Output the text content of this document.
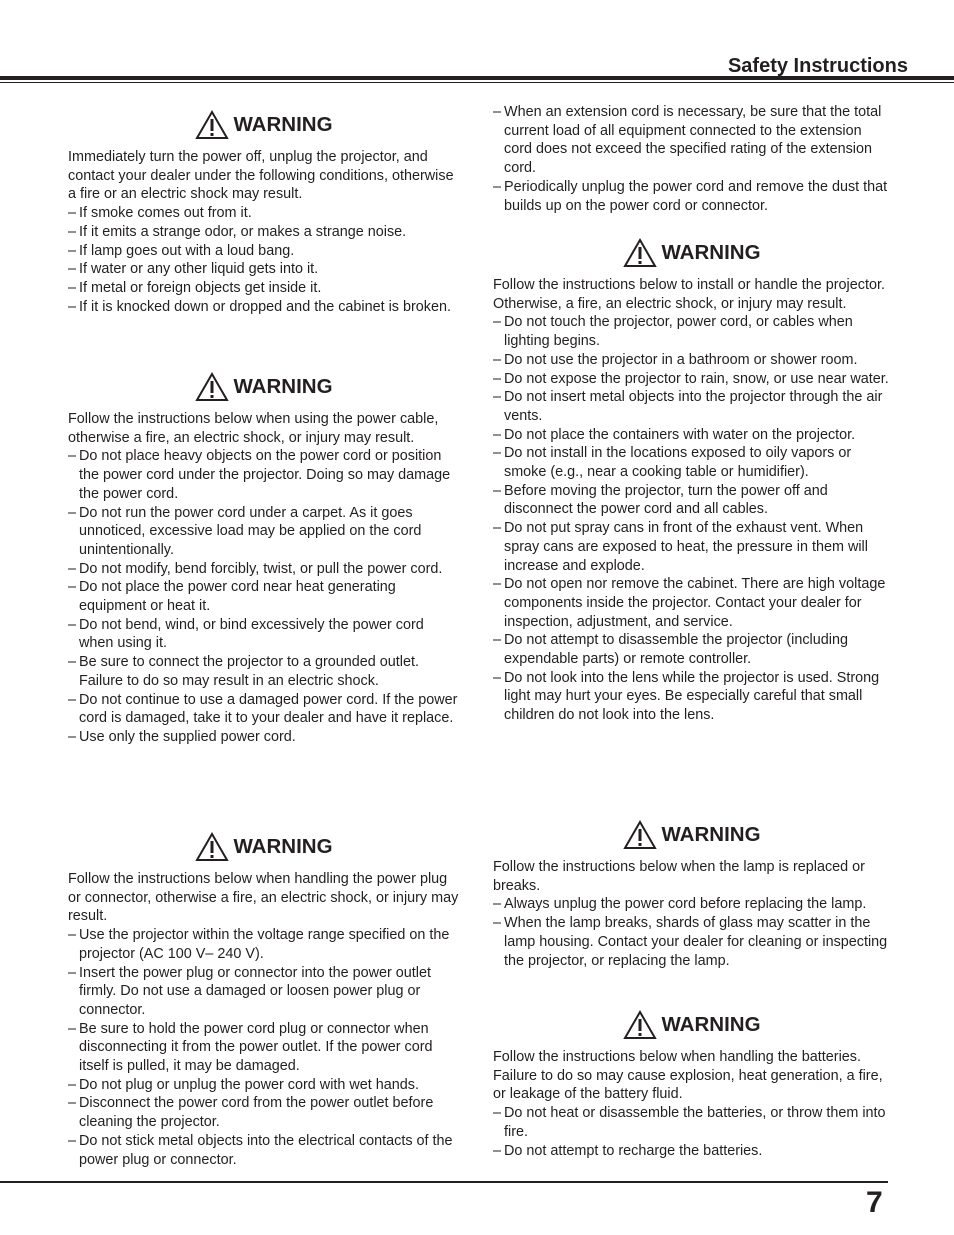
Safety Instructions
WARNING

Immediately turn the power off, unplug the projector, and contact your dealer under the following conditions, otherwise a fire or an electric shock may result.

– If smoke comes out from it.
– If it emits a strange odor, or makes a strange noise.
– If lamp goes out with a loud bang.
– If water or any other liquid gets into it.
– If metal or foreign objects get inside it.
– If it is knocked down or dropped and the cabinet is broken.
WARNING

Follow the instructions below when using the power cable, otherwise a fire, an electric shock, or injury may result.

– Do not place heavy objects on the power cord or position the power cord under the projector. Doing so may damage the power cord.
– Do not run the power cord under a carpet. As it goes unnoticed, excessive load may be applied on the cord unintentionally.
– Do not modify, bend forcibly, twist, or pull the power cord.
– Do not place the power cord near heat generating equipment or heat it.
– Do not bend, wind, or bind excessively the power cord when using it.
– Be sure to connect the projector to a grounded outlet. Failure to do so may result in an electric shock.
– Do not continue to use a damaged power cord. If the power cord is damaged, take it to your dealer and have it replace.
– Use only the supplied power cord.
WARNING

Follow the instructions below when handling the power plug or connector, otherwise a fire, an electric shock, or injury may result.

– Use the projector within the voltage range specified on the projector (AC 100 V– 240 V).
– Insert the power plug or connector into the power outlet firmly. Do not use a damaged or loosen power plug or connector.
– Be sure to hold the power cord plug or connector when disconnecting it from the power outlet. If the power cord itself is pulled, it may be damaged.
– Do not plug or unplug the power cord with wet hands.
– Disconnect the power cord from the power outlet before cleaning the projector.
– Do not stick metal objects into the electrical contacts of the power plug or connector.
– When an extension cord is necessary, be sure that the total current load of all equipment connected to the extension cord does not exceed the specified rating of the extension cord.
– Periodically unplug the power cord and remove the dust that builds up on the power cord or connector.
WARNING

Follow the instructions below to install or handle the projector. Otherwise, a fire, an electric shock, or injury may result.

– Do not touch the projector, power cord, or cables when lighting begins.
– Do not use the projector in a bathroom or shower room.
– Do not expose the projector to rain, snow, or use near water.
– Do not insert metal objects into the projector through the air vents.
– Do not place the containers with water on the projector.
– Do not install in the locations exposed to oily vapors or smoke (e.g., near a cooking table or humidifier).
– Before moving the projector, turn the power off and disconnect the power cord and all cables.
– Do not put spray cans in front of the exhaust vent. When spray cans are exposed to heat, the pressure in them will increase and explode.
– Do not open nor remove the cabinet. There are high voltage components inside the projector. Contact your dealer for inspection, adjustment, and service.
– Do not attempt to disassemble the projector (including expendable parts) or remote controller.
– Do not look into the lens while the projector is used. Strong light may hurt your eyes. Be especially careful that small children do not look into the lens.
WARNING

Follow the instructions below when the lamp is replaced or breaks.

– Always unplug the power cord before replacing the lamp.
– When the lamp breaks, shards of glass may scatter in the lamp housing. Contact your dealer for cleaning or inspecting the projector, or replacing the lamp.
WARNING

Follow the instructions below when handling the batteries. Failure to do so may cause explosion, heat generation, a fire, or leakage of the battery fluid.

– Do not heat or disassemble the batteries, or throw them into fire.
– Do not attempt to recharge the batteries.
7
